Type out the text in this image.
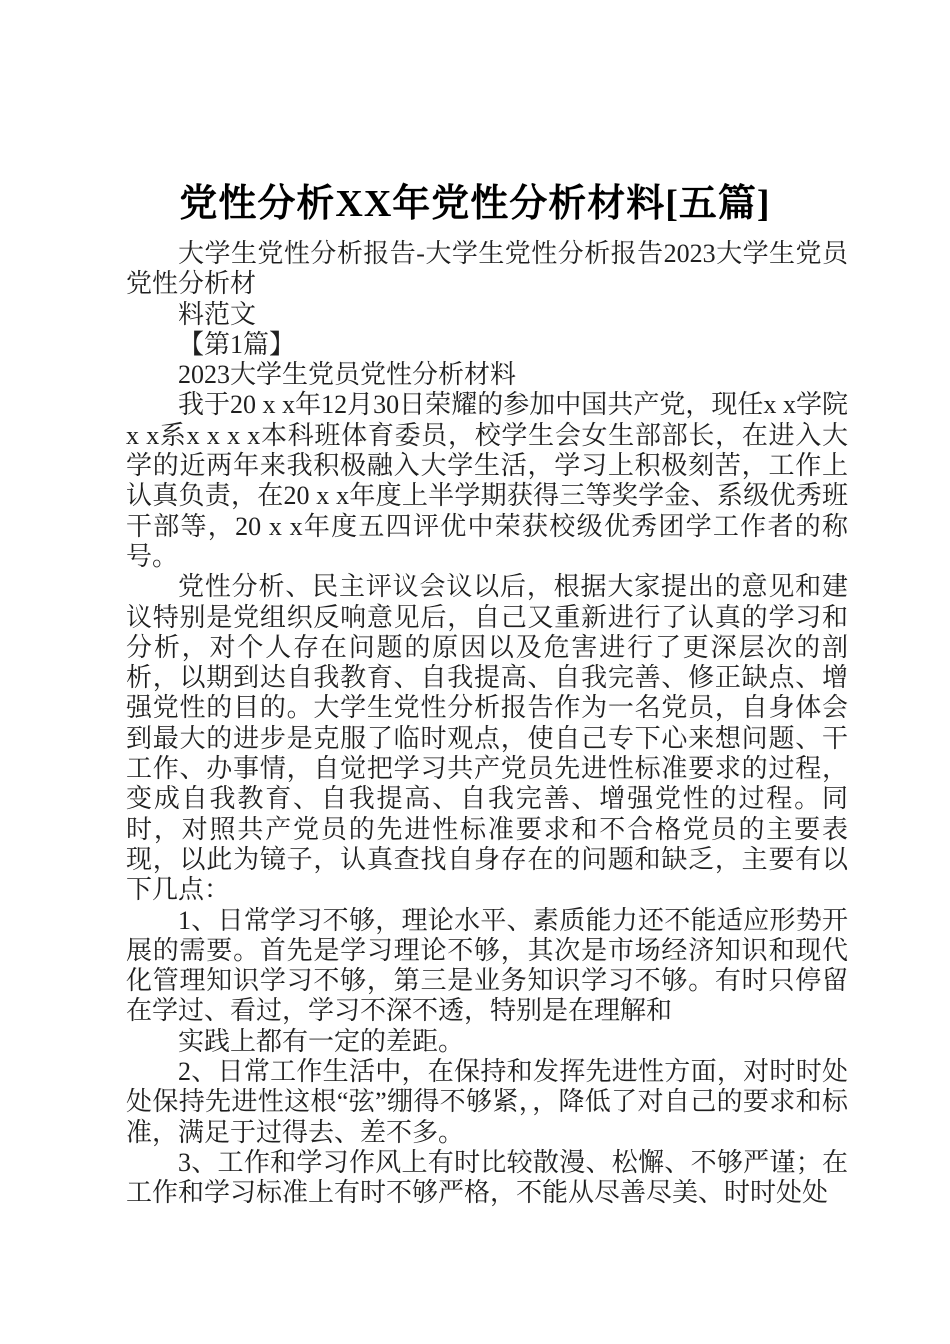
党性分析XX年党性分析材料[五篇]

大学生党性分析报告-大学生党性分析报告2023大学生党员党性分析材

料范文

【第1篇】

2023大学生党员党性分析材料

我于20 x x年12月30日荣耀的参加中国共产党，现任x x学院x x系x x x x本科班体育委员，校学生会女生部部长，在进入大学的近两年来我积极融入大学生活，学习上积极刻苦，工作上认真负责，在20 x x年度上半学期获得三等奖学金、系级优秀班干部等，20 x x年度五四评优中荣获校级优秀团学工作者的称号。

党性分析、民主评议会议以后，根据大家提出的意见和建议特别是党组织反响意见后，自己又重新进行了认真的学习和分析，对个人存在问题的原因以及危害进行了更深层次的剖析，以期到达自我教育、自我提高、自我完善、修正缺点、增强党性的目的。大学生党性分析报告作为一名党员，自身体会到最大的进步是克服了临时观点，使自己专下心来想问题、干工作、办事情，自觉把学习共产党员先进性标准要求的过程，变成自我教育、自我提高、自我完善、增强党性的过程。同时，对照共产党员的先进性标准要求和不合格党员的主要表现，以此为镜子，认真查找自身存在的问题和缺乏，主要有以下几点：

1、日常学习不够，理论水平、素质能力还不能适应形势开展的需要。首先是学习理论不够，其次是市场经济知识和现代化管理知识学习不够，第三是业务知识学习不够。有时只停留在学过、看过，学习不深不透，特别是在理解和

实践上都有一定的差距。

2、日常工作生活中，在保持和发挥先进性方面，对时时处处保持先进性这根“弦”绷得不够紧，，降低了对自己的要求和标准，满足于过得去、差不多。

3、工作和学习作风上有时比较散漫、松懈、不够严谨；在工作和学习标准上有时不够严格，不能从尽善尽美、时时处处
